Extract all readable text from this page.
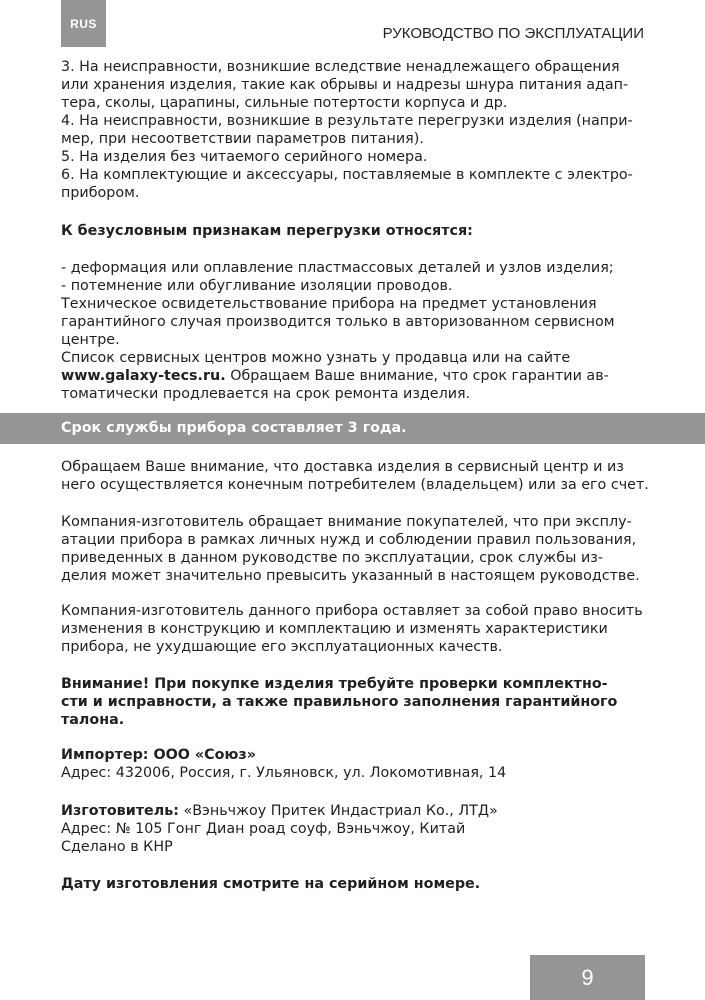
RUS
РУКОВОДСТВО ПО ЭКСПЛУАТАЦИИ
3. На неисправности, возникшие вследствие ненадлежащего обращения
или хранения изделия, такие как обрывы и надрезы шнура питания адап-
тера, сколы, царапины, сильные потертости корпуса и др.
4. На неисправности, возникшие в результате перегрузки изделия (напри-
мер, при несоответствии параметров питания).
5. На изделия без читаемого серийного номера.
6. На комплектующие и аксессуары, поставляемые в комплекте с электро-
прибором.
К безусловным признакам перегрузки относятся:
- деформация или оплавление пластмассовых деталей и узлов изделия;
- потемнение или обугливание изоляции проводов.
Техническое освидетельствование прибора на предмет установления
гарантийного случая производится только в авторизованном сервисном
центре.
Список сервисных центров можно узнать у продавца или на сайте
www.galaxy-tecs.ru. Обращаем Ваше внимание, что срок гарантии ав-
томатически продлевается на срок ремонта изделия.
Срок службы прибора составляет 3 года.
Обращаем Ваше внимание, что доставка изделия в сервисный центр и из
него осуществляется конечным потребителем (владельцем) или за его счет.
Компания-изготовитель обращает внимание покупателей, что при эксплу-
атации прибора в рамках личных нужд и соблюдении правил пользования,
приведенных в данном руководстве по эксплуатации, срок службы из-
делия может значительно превысить указанный в настоящем руководстве.
Компания-изготовитель данного прибора оставляет за собой право вносить
изменения в конструкцию и комплектацию и изменять характеристики
прибора, не ухудшающие его эксплуатационных качеств.
Внимание! При покупке изделия требуйте проверки комплектно-
сти и исправности, а также правильного заполнения гарантийного
талона.
Импортер: ООО «Союз»
Адрес: 432006, Россия, г. Ульяновск, ул. Локомотивная, 14
Изготовитель: «Вэньчжоу Притек Индастриал Ко., ЛТД»
Адрес: № 105 Гонг Диан роад соуф, Вэньчжоу, Китай
Сделано в КНР
Дату изготовления смотрите на серийном номере.
9
